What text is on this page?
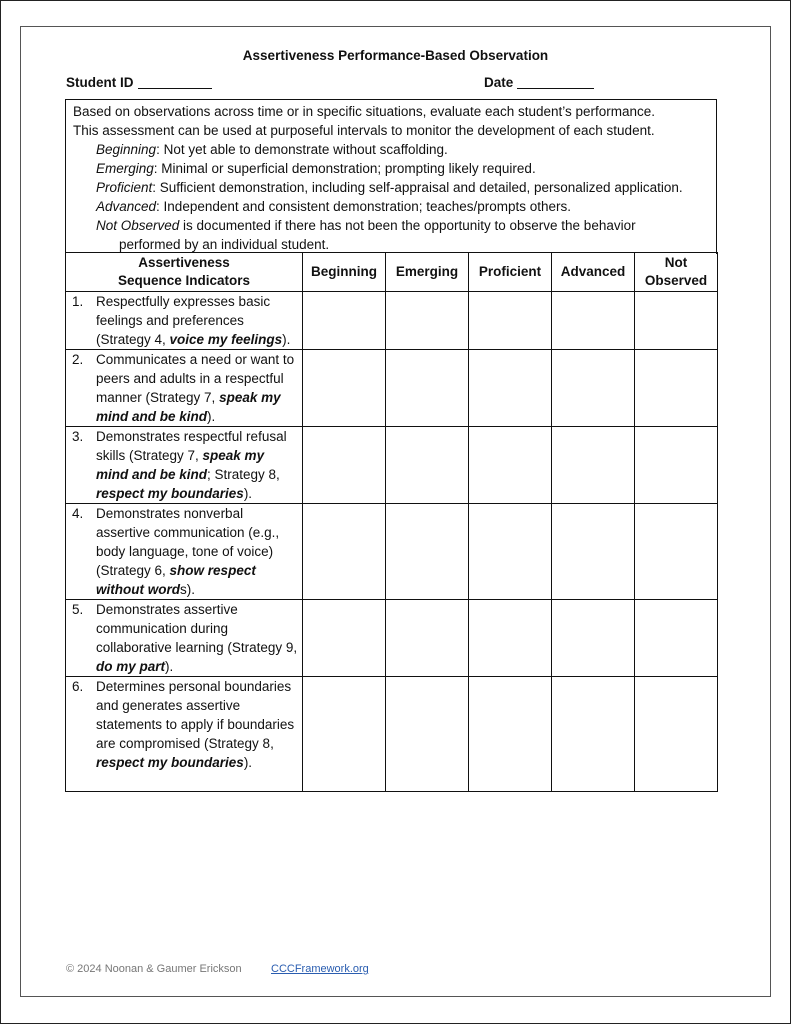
Assertiveness Performance-Based Observation
Student ID	Date

Based on observations across time or in specific situations, evaluate each student’s performance.

This assessment can be used at purposeful intervals to monitor the development of each student.

Beginning: Not yet able to demonstrate without scaffolding.

Emerging: Minimal or superficial demonstration; prompting likely required.

Proficient: Sufficient demonstration, including self-appraisal and detailed, personalized application.

Advanced: Independent and consistent demonstration; teaches/prompts others.

Not Observed is documented if there has not been the opportunity to observe the behavior

performed by an individual student.

Assertiveness
Sequence Indicators	Beginning	Emerging	Proficient	Advanced	Not
Observed

1. Respectfully expresses basic feelings and preferences (Strategy 4, voice my feelings).					

2. Communicates a need or want to peers and adults in a respectful manner (Strategy 7, speak my mind and be kind).					

3. Demonstrates respectful refusal skills (Strategy 7, speak my mind and be kind; Strategy 8, respect my boundaries).					

4. Demonstrates nonverbal assertive communication (e.g., body language, tone of voice) (Strategy 6, show respect without words).					

5. Demonstrates assertive communication during collaborative learning (Strategy 9, do my part).					

6. Determines personal boundaries and generates assertive statements to apply if boundaries are compromised (Strategy 8, respect my boundaries).					

© 2024 Noonan & Gaumer Erickson	CCCFramework.org
